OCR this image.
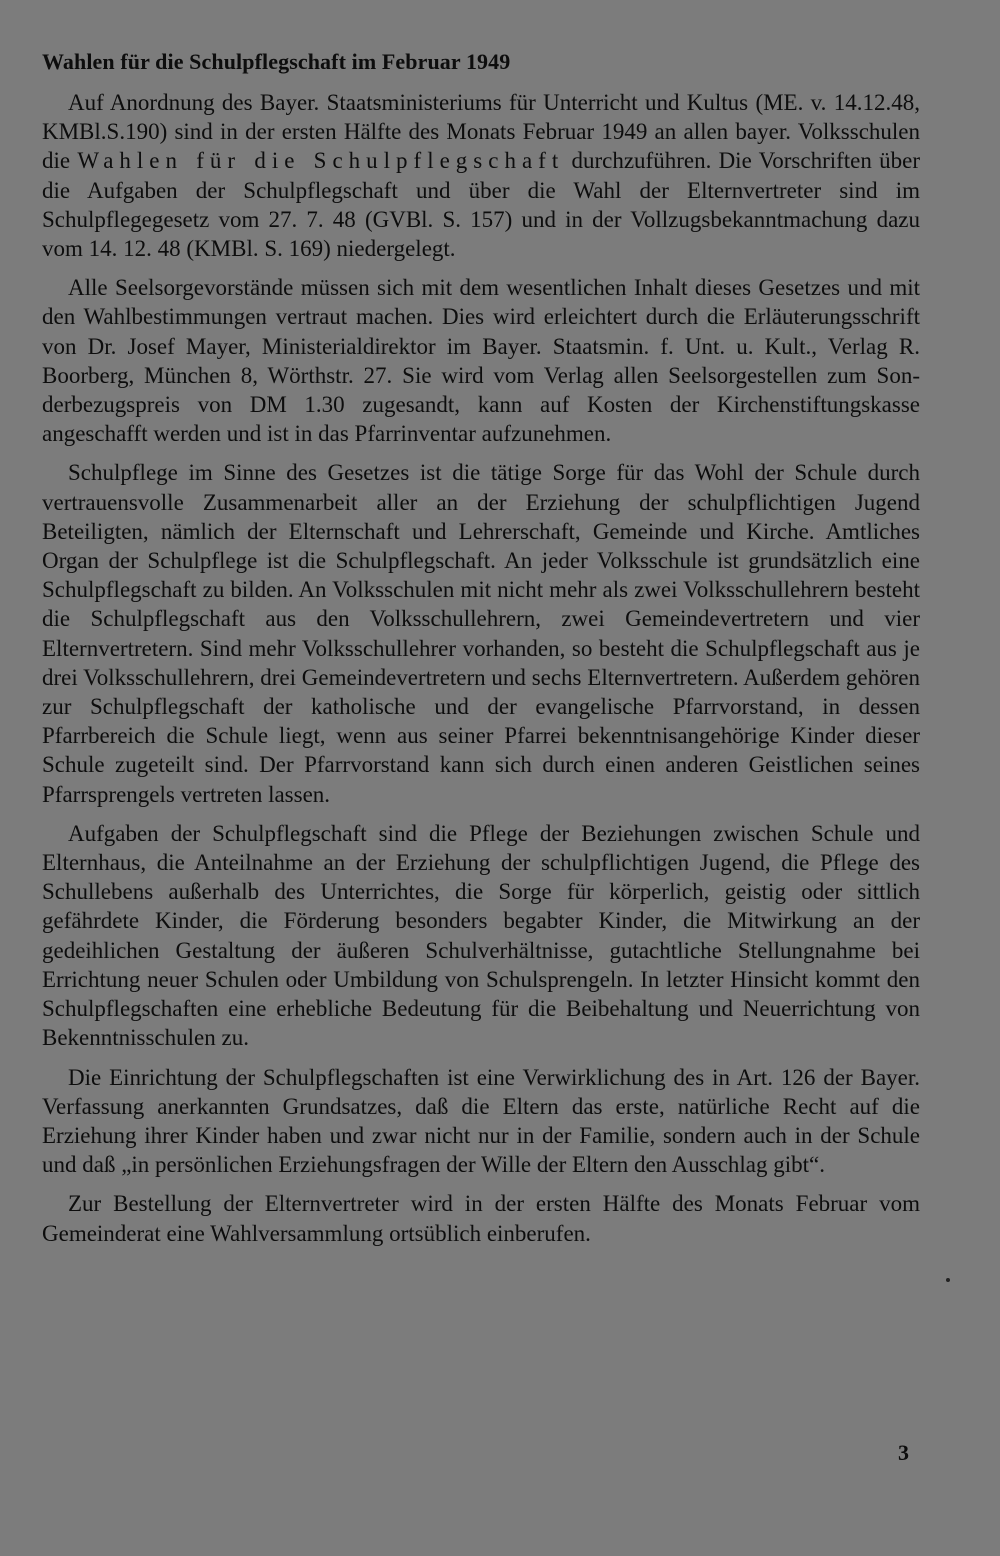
Wahlen für die Schulpflegschaft im Februar 1949

Auf Anordnung des Bayer. Staatsministeriums für Unterricht und Kultus (ME. v. 14.12.48, KMBl.S.190) sind in der ersten Hälfte des Monats Februar 1949 an allen bayer. Volksschulen die Wahlen für die Schulpflegschaft durchzuführen. Die Vorschriften über die Aufgaben der Schulpflegschaft und über die Wahl der Elternvertreter sind im Schulpflegegesetz vom 27. 7. 48 (GVBl. S. 157) und in der Vollzugsbekanntmachung dazu vom 14. 12. 48 (KMBl. S. 169) niedergelegt.

Alle Seelsorgevorstände müssen sich mit dem wesentlichen Inhalt dieses Gesetzes und mit den Wahlbestimmungen vertraut machen. Dies wird erleichtert durch die Erläuterungsschrift von Dr. Josef Mayer, Ministerialdirektor im Bayer. Staatsmin. f. Unt. u. Kult., Verlag R. Boorberg, München 8, Wörthstr. 27. Sie wird vom Verlag allen Seelsorgestellen zum Sonderbezugspreis von DM 1.30 zugesandt, kann auf Kosten der Kirchenstiftungskasse angeschafft werden und ist in das Pfarrinventar aufzunehmen.

Schulpflege im Sinne des Gesetzes ist die tätige Sorge für das Wohl der Schule durch vertrauensvolle Zusammenarbeit aller an der Erziehung der schulpflichtigen Jugend Beteiligten, nämlich der Elternschaft und Lehrerschaft, Gemeinde und Kirche. Amtliches Organ der Schulpflege ist die Schulpflegschaft. An jeder Volksschule ist grundsätzlich eine Schulpflegschaft zu bilden. An Volksschulen mit nicht mehr als zwei Volksschullehrern besteht die Schulpflegschaft aus den Volksschullehrern, zwei Gemeindevertretern und vier Elternvertretern. Sind mehr Volksschullehrer vorhanden, so besteht die Schulpflegschaft aus je drei Volksschullehrern, drei Gemeindevertretern und sechs Elternvertretern. Außerdem gehören zur Schulpflegschaft der katholische und der evangelische Pfarrvorstand, in dessen Pfarrbereich die Schule liegt, wenn aus seiner Pfarrei bekenntnisangehörige Kinder dieser Schule zugeteilt sind. Der Pfarrvorstand kann sich durch einen anderen Geistlichen seines Pfarrsprengels vertreten lassen.

Aufgaben der Schulpflegschaft sind die Pflege der Beziehungen zwischen Schule und Elternhaus, die Anteilnahme an der Erziehung der schulpflichtigen Jugend, die Pflege des Schullebens außerhalb des Unterrichtes, die Sorge für körperlich, geistig oder sittlich gefährdete Kinder, die Förderung besonders begabter Kinder, die Mitwirkung an der gedeihlichen Gestaltung der äußeren Schulverhältnisse, gutachtliche Stellungnahme bei Errichtung neuer Schulen oder Umbildung von Schulsprengeln. In letzter Hinsicht kommt den Schulpflegschaften eine erhebliche Bedeutung für die Beibehaltung und Neuerrichtung von Bekenntnisschulen zu.

Die Einrichtung der Schulpflegschaften ist eine Verwirklichung des in Art. 126 der Bayer. Verfassung anerkannten Grundsatzes, daß die Eltern das erste, natürliche Recht auf die Erziehung ihrer Kinder haben und zwar nicht nur in der Familie, sondern auch in der Schule und daß „in persönlichen Erziehungsfragen der Wille der Eltern den Ausschlag gibt“.

Zur Bestellung der Elternvertreter wird in der ersten Hälfte des Monats Februar vom Gemeinderat eine Wahlversammlung ortsüblich einberufen.

3
